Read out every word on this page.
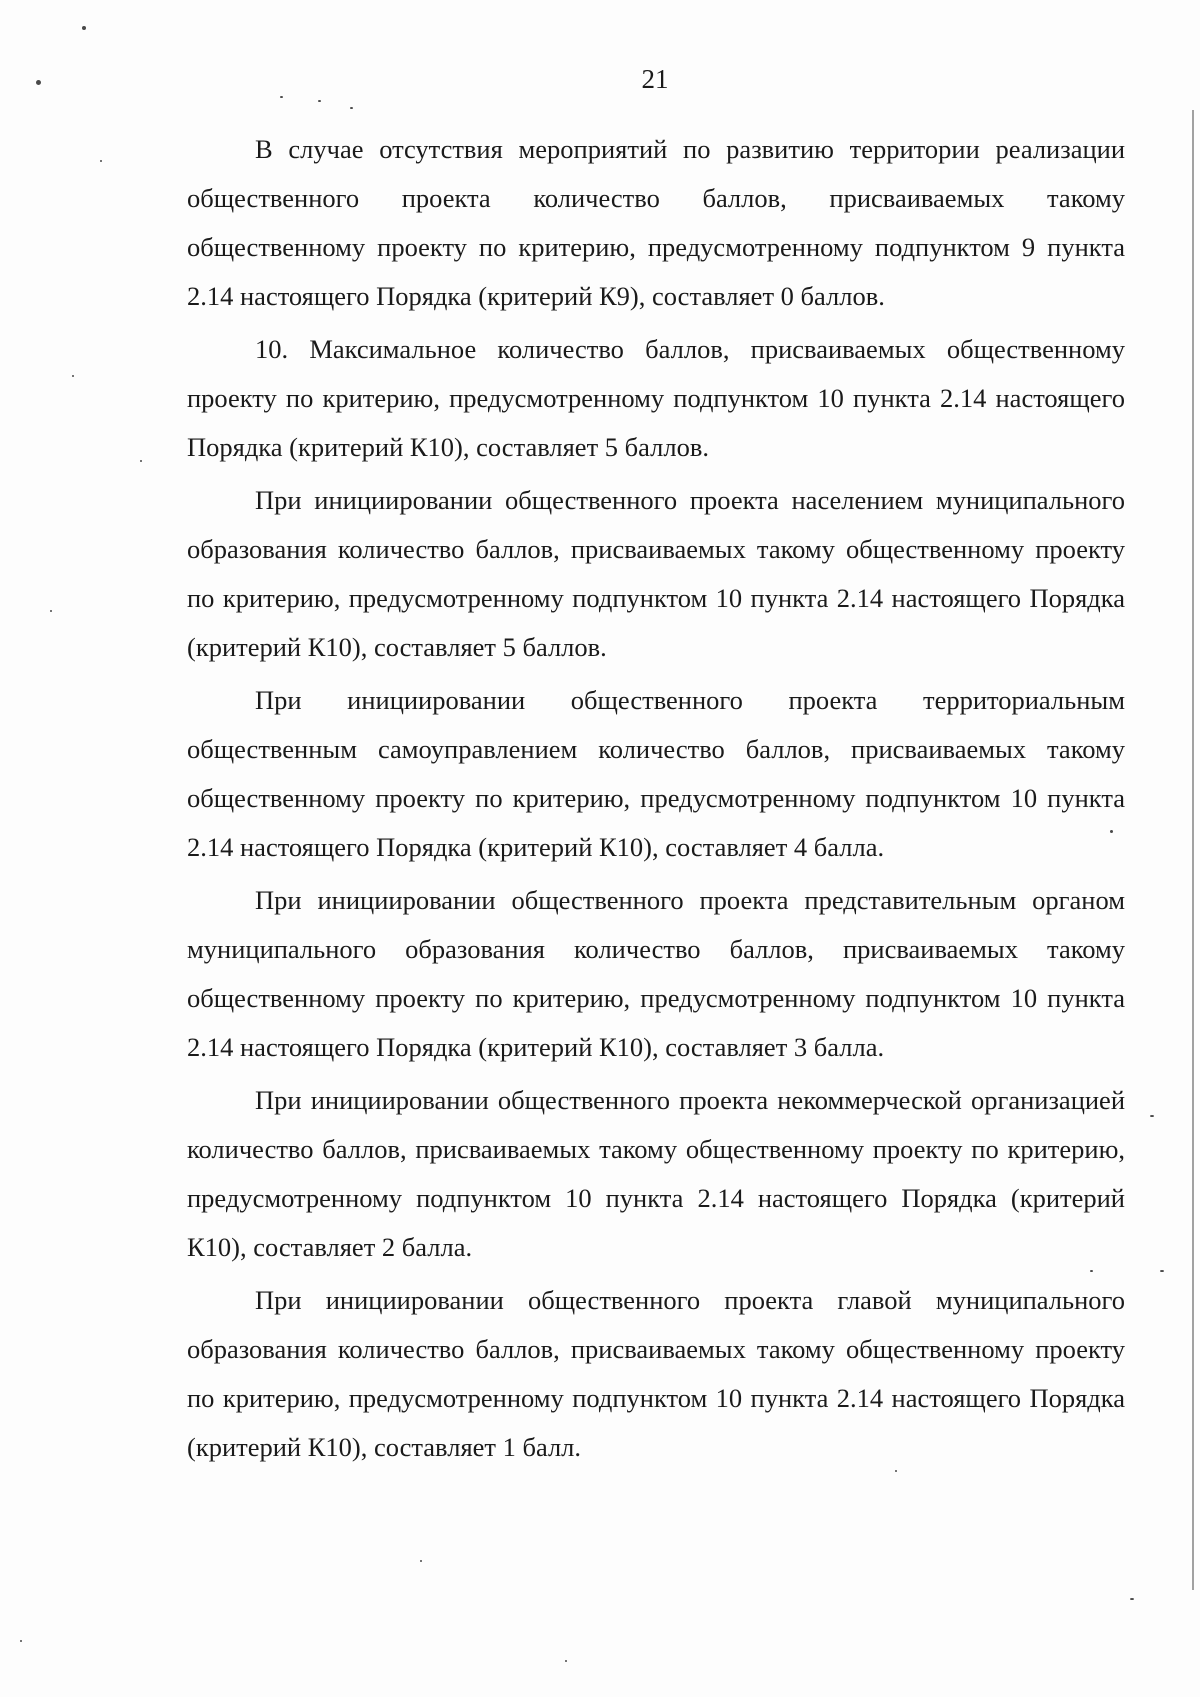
21

В случае отсутствия мероприятий по развитию территории реализации общественного проекта количество баллов, присваиваемых такому общественному проекту по критерию, предусмотренному подпунктом 9 пункта 2.14 настоящего Порядка (критерий К9), составляет 0 баллов.

10. Максимальное количество баллов, присваиваемых общественному проекту по критерию, предусмотренному подпунктом 10 пункта 2.14 настоящего Порядка (критерий К10), составляет 5 баллов.

При инициировании общественного проекта населением муниципального образования количество баллов, присваиваемых такому общественному проекту по критерию, предусмотренному подпунктом 10 пункта 2.14 настоящего Порядка (критерий К10), составляет 5 баллов.

При инициировании общественного проекта территориальным общественным самоуправлением количество баллов, присваиваемых такому общественному проекту по критерию, предусмотренному подпунктом 10 пункта 2.14 настоящего Порядка (критерий К10), составляет 4 балла.

При инициировании общественного проекта представительным органом муниципального образования количество баллов, присваиваемых такому общественному проекту по критерию, предусмотренному подпунктом 10 пункта 2.14 настоящего Порядка (критерий К10), составляет 3 балла.

При инициировании общественного проекта некоммерческой организацией количество баллов, присваиваемых такому общественному проекту по критерию, предусмотренному подпунктом 10 пункта 2.14 настоящего Порядка (критерий К10), составляет 2 балла.

При инициировании общественного проекта главой муниципального образования количество баллов, присваиваемых такому общественному проекту по критерию, предусмотренному подпунктом 10 пункта 2.14 настоящего Порядка (критерий К10), составляет 1 балл.
